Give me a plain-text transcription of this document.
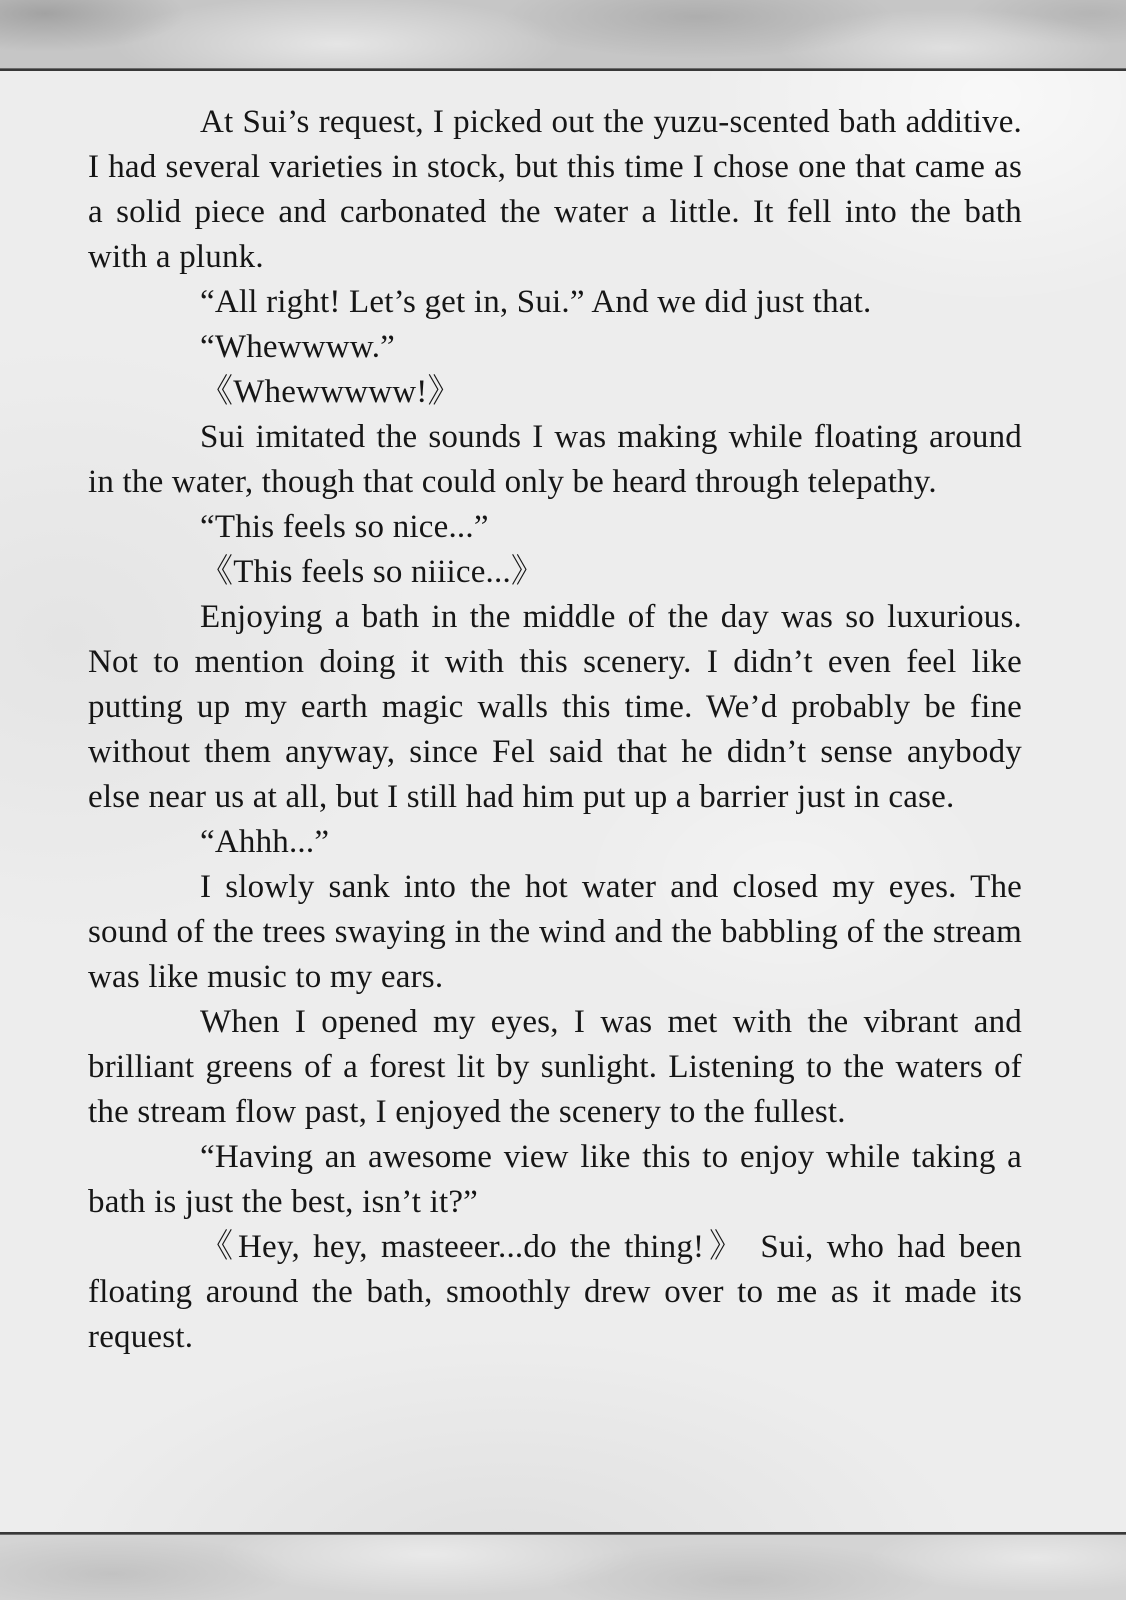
At Sui’s request, I picked out the yuzu-scented bath additive. I had several varieties in stock, but this time I chose one that came as a solid piece and carbonated the water a little. It fell into the bath with a plunk.

“All right! Let’s get in, Sui.” And we did just that.

“Whewwww.”

《Whewwwww!》

Sui imitated the sounds I was making while floating around in the water, though that could only be heard through telepathy.

“This feels so nice...”

《This feels so niiice...》

Enjoying a bath in the middle of the day was so luxurious. Not to mention doing it with this scenery. I didn’t even feel like putting up my earth magic walls this time. We’d probably be fine without them anyway, since Fel said that he didn’t sense anybody else near us at all, but I still had him put up a barrier just in case.

“Ahhh...”

I slowly sank into the hot water and closed my eyes. The sound of the trees swaying in the wind and the babbling of the stream was like music to my ears.

When I opened my eyes, I was met with the vibrant and brilliant greens of a forest lit by sunlight. Listening to the waters of the stream flow past, I enjoyed the scenery to the fullest.

“Having an awesome view like this to enjoy while taking a bath is just the best, isn’t it?”

《Hey, hey, masteeer...do the thing!》 Sui, who had been floating around the bath, smoothly drew over to me as it made its request.
